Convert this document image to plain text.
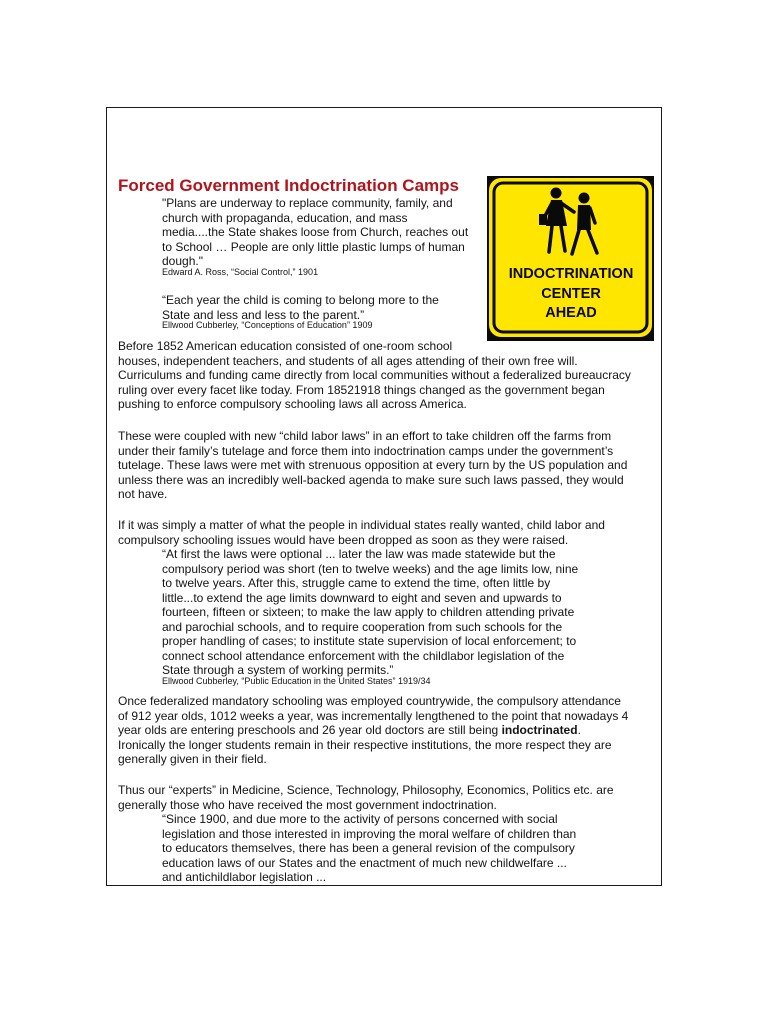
Forced Government Indoctrination Camps
INDOCTRINATION
CENTER
AHEAD
"Plans are underway to replace community, family, and
church with propaganda, education, and mass
media....the State shakes loose from Church, reaches out
to School … People are only little plastic lumps of human
dough."
Edward A. Ross, “Social Control,” 1901
“Each year the child is coming to belong more to the
State and less and less to the parent.”
Ellwood Cubberley, “Conceptions of Education” 1909
Before 1852 American education consisted of one-room school
houses, independent teachers, and students of all ages attending of their own free will.
Curriculums and funding came directly from local communities without a federalized bureaucracy
ruling over every facet like today. From 18521918 things changed as the government began
pushing to enforce compulsory schooling laws all across America.
These were coupled with new “child labor laws” in an effort to take children off the farms from
under their family’s tutelage and force them into indoctrination camps under the government’s
tutelage. These laws were met with strenuous opposition at every turn by the US population and
unless there was an incredibly well-backed agenda to make sure such laws passed, they would
not have.
If it was simply a matter of what the people in individual states really wanted, child labor and
compulsory schooling issues would have been dropped as soon as they were raised.
“At first the laws were optional ... later the law was made statewide but the
compulsory period was short (ten to twelve weeks) and the age limits low, nine
to twelve years. After this, struggle came to extend the time, often little by
little...to extend the age limits downward to eight and seven and upwards to
fourteen, fifteen or sixteen; to make the law apply to children attending private
and parochial schools, and to require cooperation from such schools for the
proper handling of cases; to institute state supervision of local enforcement; to
connect school attendance enforcement with the childlabor legislation of the
State through a system of working permits.”
Ellwood Cubberley, “Public Education in the United States” 1919/34
Once federalized mandatory schooling was employed countrywide, the compulsory attendance
of 912 year olds, 1012 weeks a year, was incrementally lengthened to the point that nowadays 4
year olds are entering preschools and 26 year old doctors are still being indoctrinated.
Ironically the longer students remain in their respective institutions, the more respect they are
generally given in their field.
Thus our “experts” in Medicine, Science, Technology, Philosophy, Economics, Politics etc. are
generally those who have received the most government indoctrination.
“Since 1900, and due more to the activity of persons concerned with social
legislation and those interested in improving the moral welfare of children than
to educators themselves, there has been a general revision of the compulsory
education laws of our States and the enactment of much new childwelfare ...
and antichildlabor legislation ...
